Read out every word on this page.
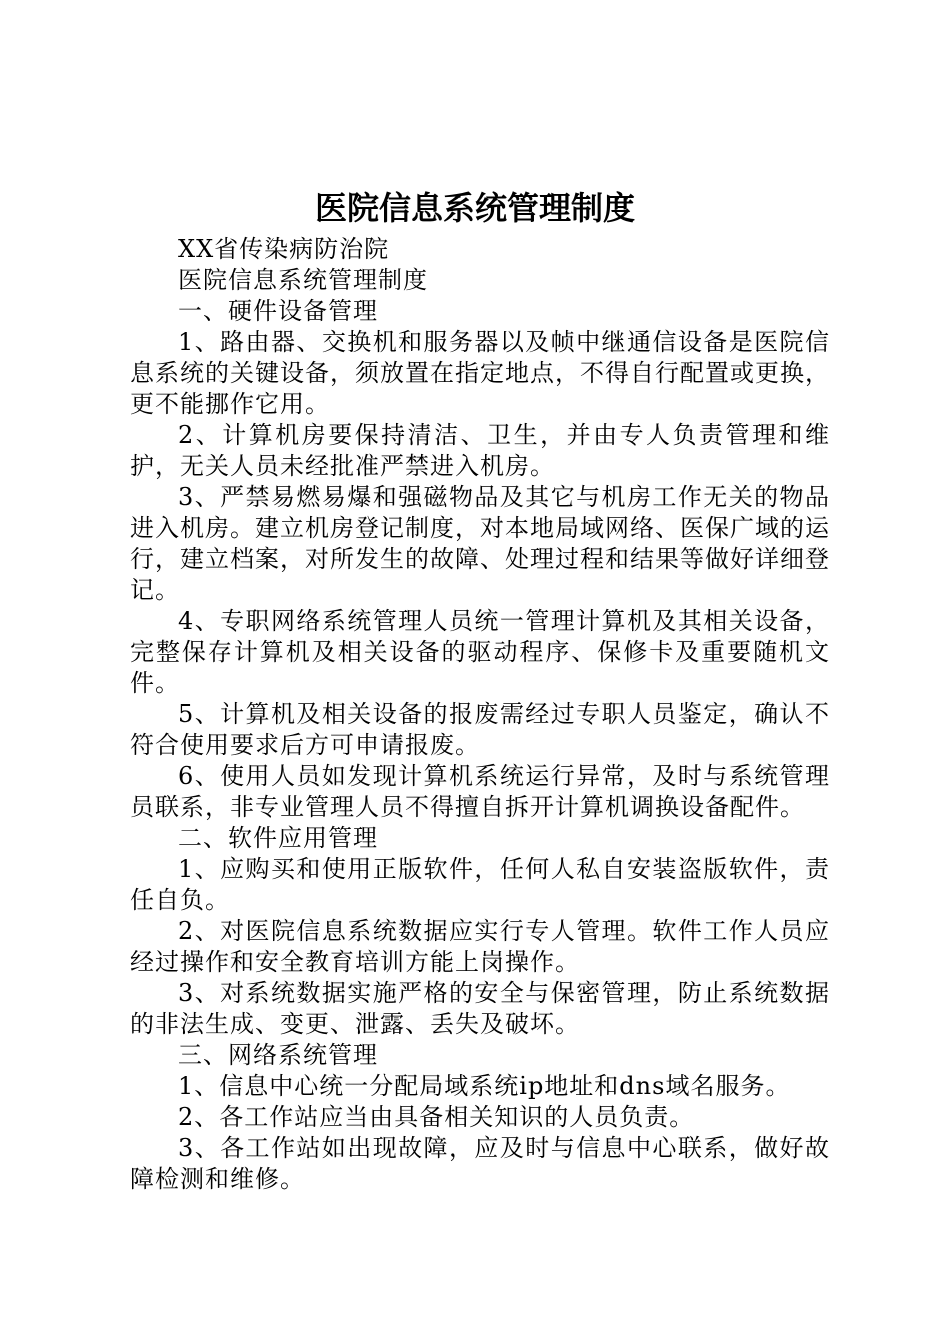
医院信息系统管理制度

XX省传染病防治院

医院信息系统管理制度

一、硬件设备管理

1、路由器、交换机和服务器以及帧中继通信设备是医院信息系统的关键设备，须放置在指定地点，不得自行配置或更换，更不能挪作它用。

2、计算机房要保持清洁、卫生，并由专人负责管理和维护，无关人员未经批准严禁进入机房。

3、严禁易燃易爆和强磁物品及其它与机房工作无关的物品进入机房。建立机房登记制度，对本地局域网络、医保广域的运行，建立档案，对所发生的故障、处理过程和结果等做好详细登记。

4、专职网络系统管理人员统一管理计算机及其相关设备，完整保存计算机及相关设备的驱动程序、保修卡及重要随机文件。

5、计算机及相关设备的报废需经过专职人员鉴定，确认不符合使用要求后方可申请报废。

6、使用人员如发现计算机系统运行异常，及时与系统管理员联系，非专业管理人员不得擅自拆开计算机调换设备配件。

二、软件应用管理

1、应购买和使用正版软件，任何人私自安装盗版软件，责任自负。

2、对医院信息系统数据应实行专人管理。软件工作人员应经过操作和安全教育培训方能上岗操作。

3、对系统数据实施严格的安全与保密管理，防止系统数据的非法生成、变更、泄露、丢失及破坏。

三、网络系统管理

1、信息中心统一分配局域系统ip地址和dns域名服务。

2、各工作站应当由具备相关知识的人员负责。

3、各工作站如出现故障，应及时与信息中心联系，做好故障检测和维修。
